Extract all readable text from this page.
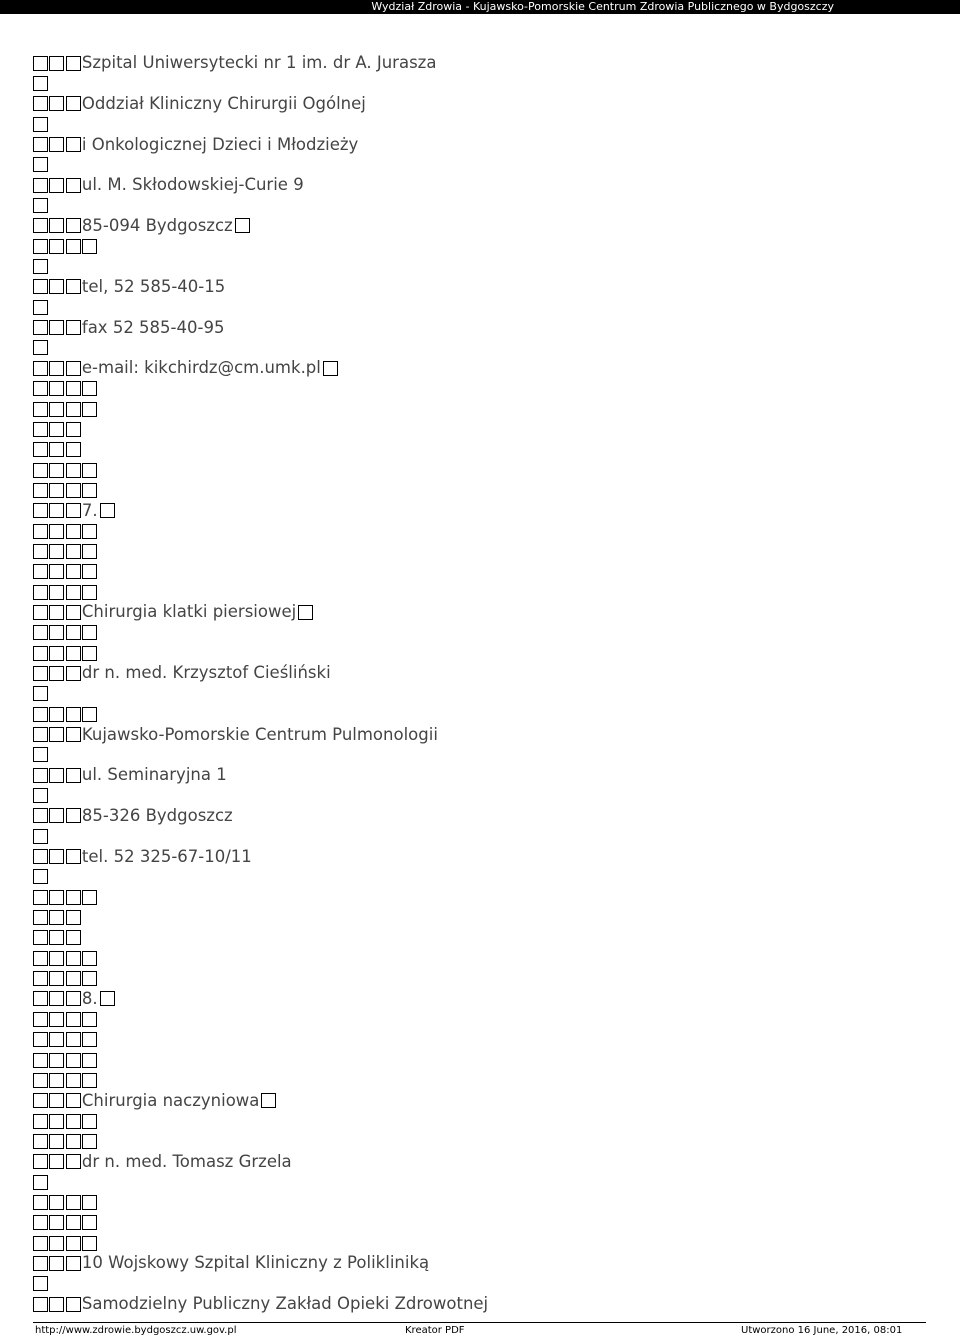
Wydział Zdrowia - Kujawsko-Pomorskie Centrum Zdrowia Publicznego w Bydgoszczy
Szpital Uniwersytecki nr 1 im. dr A. Jurasza
Oddział Kliniczny Chirurgii Ogólnej
i Onkologicznej Dzieci i Młodzieży
ul. M. Skłodowskiej-Curie 9
85-094 Bydgoszcz
tel, 52 585-40-15
fax 52 585-40-95
e-mail: kikchirdz@cm.umk.pl
7.
Chirurgia klatki piersiowej
dr n. med. Krzysztof Cieśliński
Kujawsko-Pomorskie Centrum Pulmonologii
ul. Seminaryjna 1
85-326 Bydgoszcz
tel. 52 325-67-10/11
8.
Chirurgia naczyniowa
dr n. med. Tomasz Grzela
10 Wojskowy Szpital Kliniczny z Polikliniką
Samodzielny Publiczny Zakład Opieki Zdrowotnej
http://www.zdrowie.bydgoszcz.uw.gov.pl	Kreator PDF	Utworzono 16 June, 2016, 08:01
